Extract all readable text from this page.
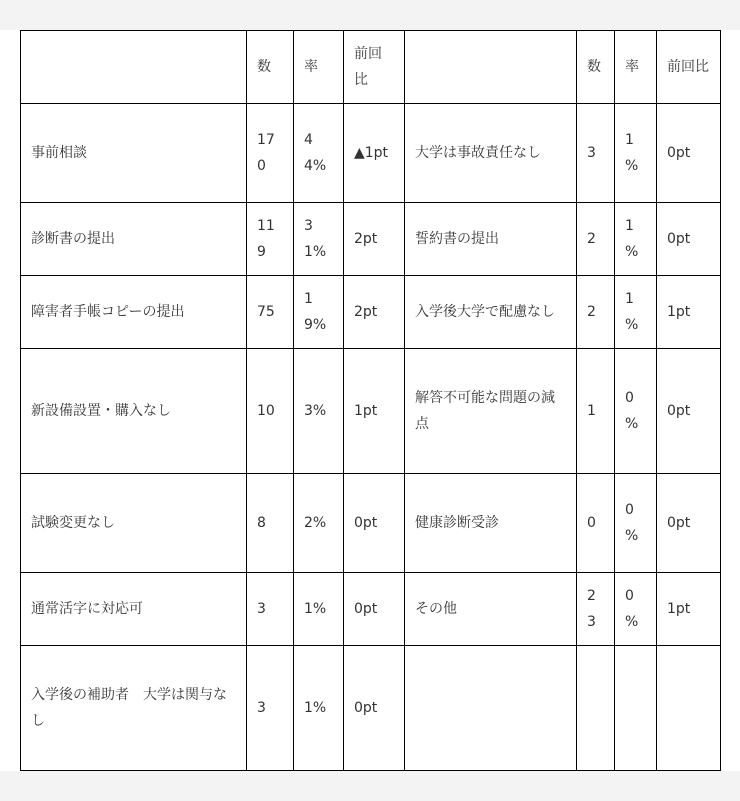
	数	率	前回比		数	率	前回比
事前相談	170	44%	▲1pt	大学は事故責任なし	3	1%	0pt
診断書の提出	119	31%	2pt	誓約書の提出	2	1%	0pt
障害者手帳コピーの提出	75	19%	2pt	入学後大学で配慮なし	2	1%	1pt
新設備設置・購入なし	10	3%	1pt	解答不可能な問題の減点	1	0%	0pt
試験変更なし	8	2%	0pt	健康診断受診	0	0%	0pt
通常活字に対応可	3	1%	0pt	その他	23	0%	1pt
入学後の補助者　大学は関与なし	3	1%	0pt				
